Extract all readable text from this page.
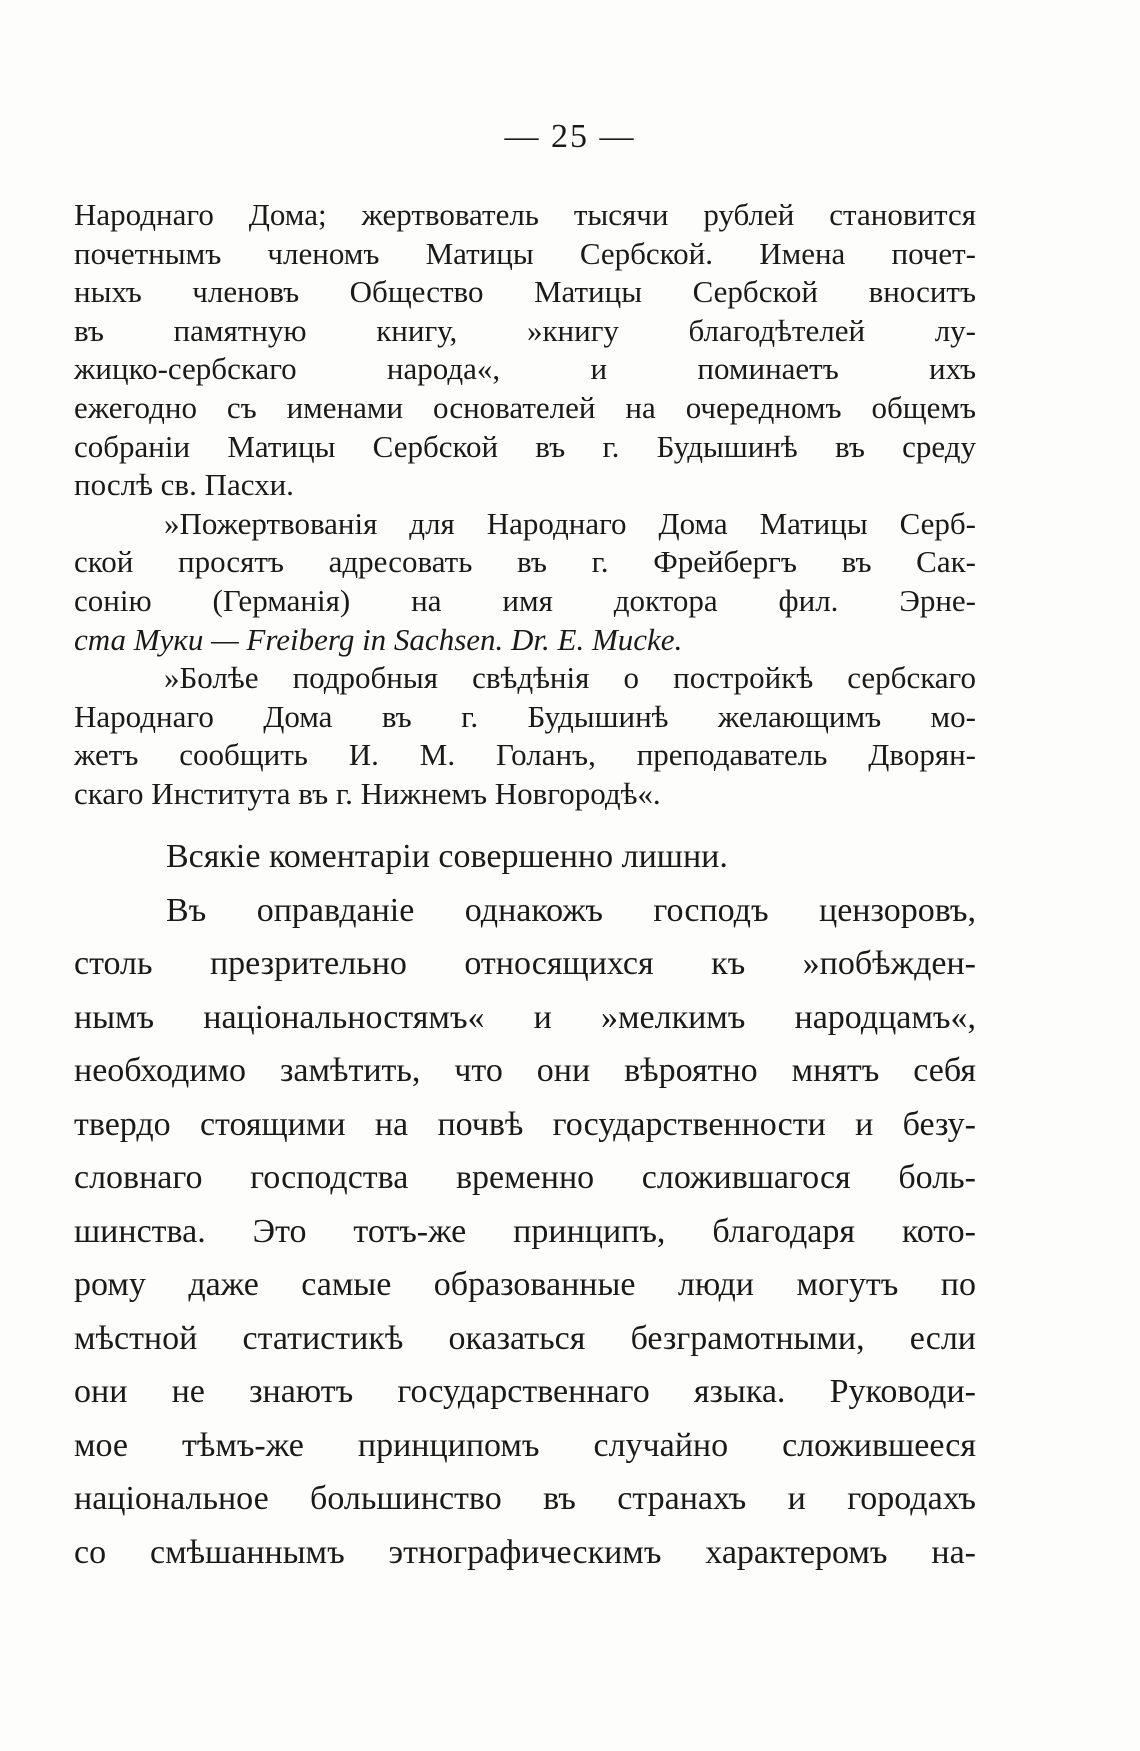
— 25 —
Народнаго Дома; жертвователь тысячи рублей становится
почетнымъ членомъ Матицы Сербской. Имена почет-
ныхъ членовъ Общество Матицы Сербской вноситъ
въ памятную книгу, »книгу благодѣтелей лу-
жицко-сербскаго народа«, и поминаетъ ихъ
ежегодно съ именами основателей на очередномъ общемъ
собраніи Матицы Сербской въ г. Будышинѣ въ среду
послѣ св. Пасхи.
»Пожертвованія для Народнаго Дома Матицы Серб-
ской просятъ адресовать въ г. Фрейбергъ въ Сак-
сонію (Германія) на имя доктора фил. Эрне-
ста Муки — Freiberg in Sachsen. Dr. E. Mucke.
»Болѣе подробныя свѣдѣнія о постройкѣ сербскаго
Народнаго Дома въ г. Будышинѣ желающимъ мо-
жетъ сообщить И. М. Голанъ, преподаватель Дворян-
скаго Института въ г. Нижнемъ Новгородѣ«.
Всякіе коментаріи совершенно лишни.
Въ оправданіе однакожъ господъ цензоровъ,
столь презрительно относящихся къ »побѣжден-
нымъ національностямъ« и »мелкимъ народцамъ«,
необходимо замѣтить, что они вѣроятно мнятъ себя
твердо стоящими на почвѣ государственности и безу-
словнаго господства временно сложившагося боль-
шинства. Это тотъ-же принципъ, благодаря кото-
рому даже самые образованные люди могутъ по
мѣстной статистикѣ оказаться безграмотными, если
они не знаютъ государственнаго языка. Руководи-
мое тѣмъ-же принципомъ случайно сложившееся
національное большинство въ странахъ и городахъ
со смѣшаннымъ этнографическимъ характеромъ на-
